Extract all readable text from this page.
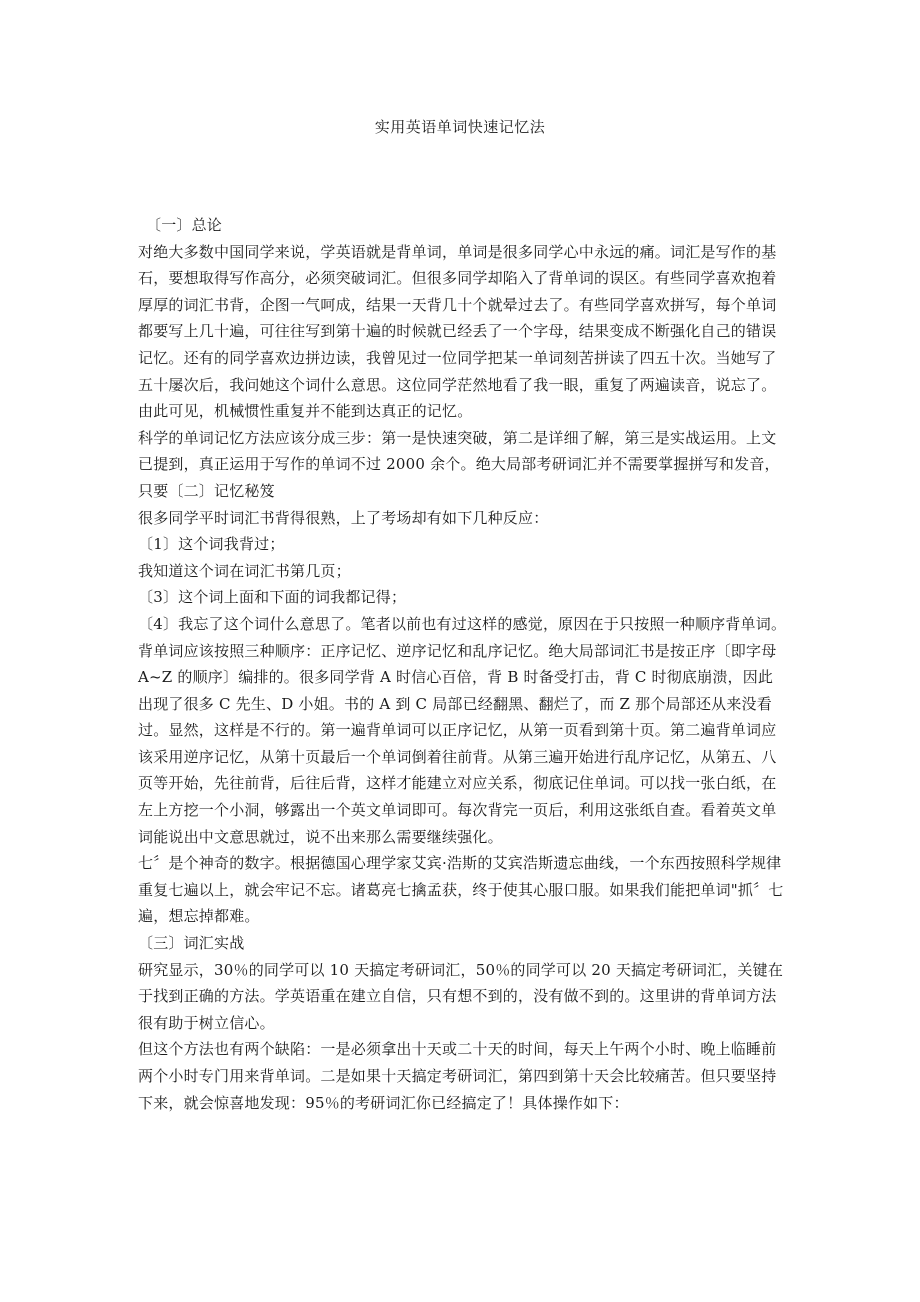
实用英语单词快速记忆法

〔一〕总论

对绝大多数中国同学来说，学英语就是背单词，单词是很多同学心中永远的痛。词汇是写作的基石，要想取得写作高分，必须突破词汇。但很多同学却陷入了背单词的误区。有些同学喜欢抱着厚厚的词汇书背，企图一气呵成，结果一天背几十个就晕过去了。有些同学喜欢拼写，每个单词都要写上几十遍，可往往写到第十遍的时候就已经丢了一个字母，结果变成不断强化自己的错误记忆。还有的同学喜欢边拼边读，我曾见过一位同学把某一单词刻苦拼读了四五十次。当她写了五十屡次后，我问她这个词什么意思。这位同学茫然地看了我一眼，重复了两遍读音，说忘了。由此可见，机械惯性重复并不能到达真正的记忆。

科学的单词记忆方法应该分成三步：第一是快速突破，第二是详细了解，第三是实战运用。上文已提到，真正运用于写作的单词不过 2000 余个。绝大局部考研词汇并不需要掌握拼写和发音，只要〔二〕记忆秘笈

很多同学平时词汇书背得很熟，上了考场却有如下几种反应：

〔1〕这个词我背过；

我知道这个词在词汇书第几页；

〔3〕这个词上面和下面的词我都记得；

〔4〕我忘了这个词什么意思了。笔者以前也有过这样的感觉，原因在于只按照一种顺序背单词。

背单词应该按照三种顺序：正序记忆、逆序记忆和乱序记忆。绝大局部词汇书是按正序〔即字母 A~Z 的顺序〕编排的。很多同学背 A 时信心百倍，背 B 时备受打击，背 C 时彻底崩溃，因此出现了很多 C 先生、D 小姐。书的 A 到 C 局部已经翻黑、翻烂了，而 Z 那个局部还从来没看过。显然，这样是不行的。第一遍背单词可以正序记忆，从第一页看到第十页。第二遍背单词应该采用逆序记忆，从第十页最后一个单词倒着往前背。从第三遍开始进行乱序记忆，从第五、八页等开始，先往前背，后往后背，这样才能建立对应关系，彻底记住单词。可以找一张白纸，在左上方挖一个小洞，够露出一个英文单词即可。每次背完一页后，利用这张纸自查。看着英文单词能说出中文意思就过，说不出来那么需要继续强化。

七〞是个神奇的数字。根据德国心理学家艾宾·浩斯的艾宾浩斯遗忘曲线，一个东西按照科学规律重复七遍以上，就会牢记不忘。诸葛亮七擒孟获，终于使其心服口服。如果我们能把单词"抓〞七遍，想忘掉都难。

〔三〕词汇实战

研究显示，30％的同学可以 10 天搞定考研词汇，50％的同学可以 20 天搞定考研词汇，关键在于找到正确的方法。学英语重在建立自信，只有想不到的，没有做不到的。这里讲的背单词方法很有助于树立信心。

但这个方法也有两个缺陷：一是必须拿出十天或二十天的时间，每天上午两个小时、晚上临睡前两个小时专门用来背单词。二是如果十天搞定考研词汇，第四到第十天会比较痛苦。但只要坚持下来，就会惊喜地发现：95％的考研词汇你已经搞定了！具体操作如下：
